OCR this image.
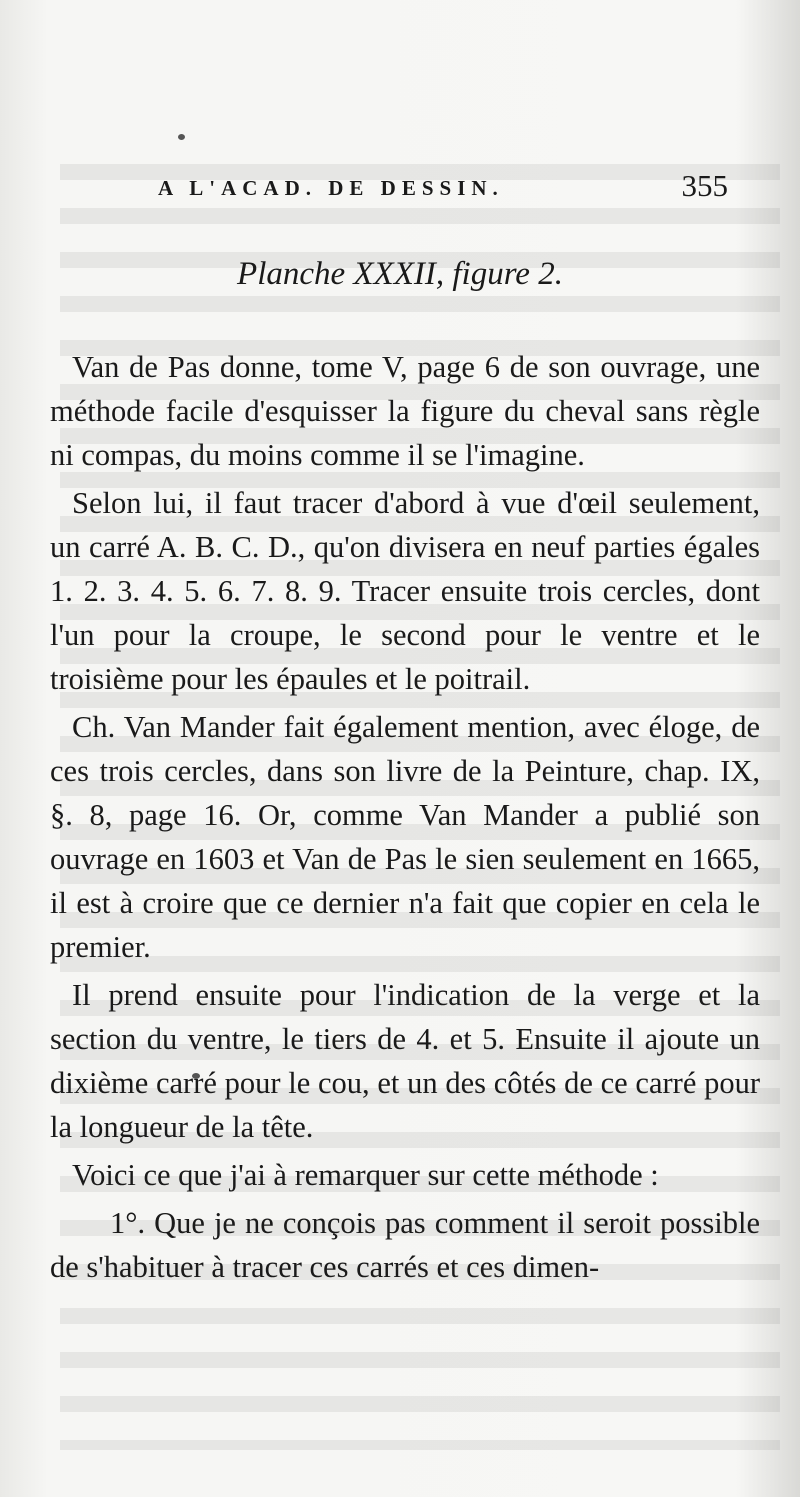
A L'ACAD. DE DESSIN.	355
Planche XXXII, figure 2.

Van de Pas donne, tome V, page 6 de son ouvrage, une méthode facile d'esquisser la figure du cheval sans règle ni compas, du moins comme il se l'imagine.

Selon lui, il faut tracer d'abord à vue d'œil seulement, un carré A. B. C. D., qu'on divisera en neuf parties égales 1. 2. 3. 4. 5. 6. 7. 8. 9. Tracer ensuite trois cercles, dont l'un pour la croupe, le second pour le ventre et le troisième pour les épaules et le poitrail.

Ch. Van Mander fait également mention, avec éloge, de ces trois cercles, dans son livre de la Peinture, chap. IX, §. 8, page 16. Or, comme Van Mander a publié son ouvrage en 1603 et Van de Pas le sien seulement en 1665, il est à croire que ce dernier n'a fait que copier en cela le premier.

Il prend ensuite pour l'indication de la verge et la section du ventre, le tiers de 4. et 5. Ensuite il ajoute un dixième carré pour le cou, et un des côtés de ce carré pour la longueur de la tête.

Voici ce que j'ai à remarquer sur cette méthode :

1°. Que je ne conçois pas comment il seroit possible de s'habituer à tracer ces carrés et ces dimen-
